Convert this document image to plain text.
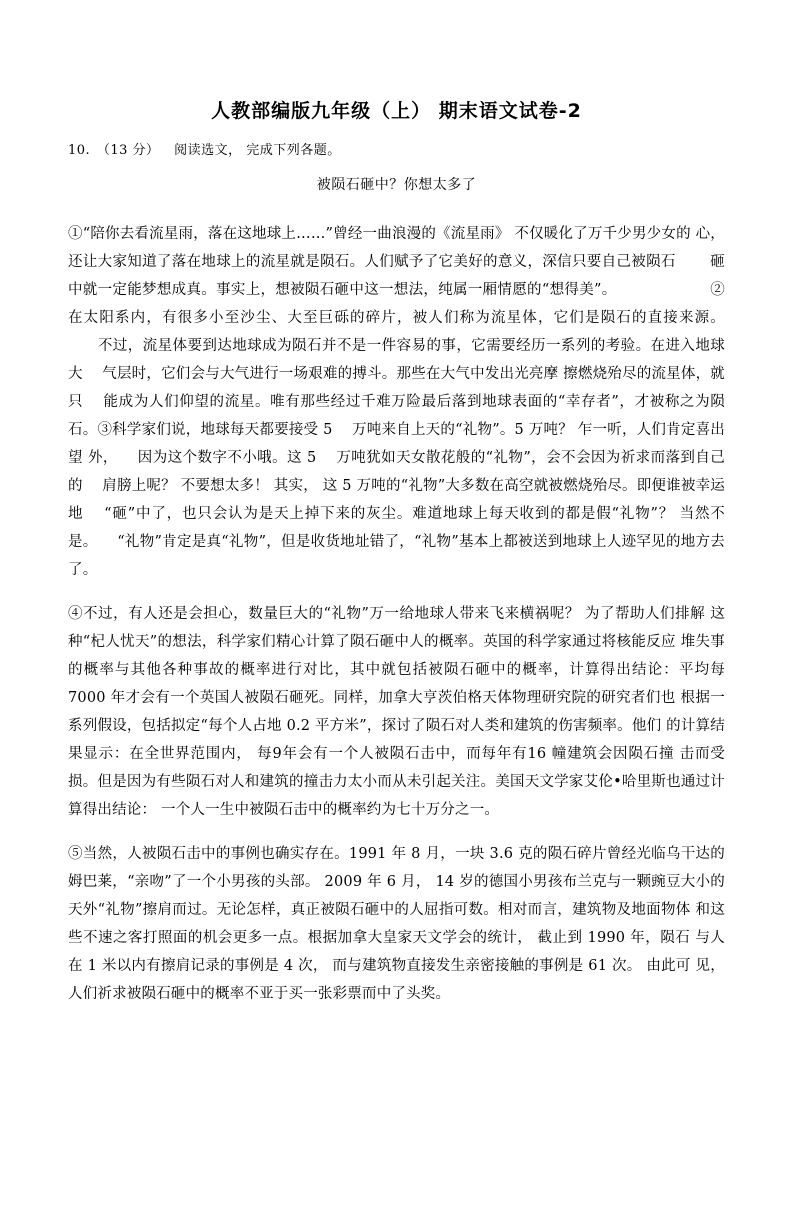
人教部编版九年级（上） 期末语文试卷-2
10. （13 分） 阅读选文， 完成下列各题。
被陨石砸中？你想太多了

①“陪你去看流星雨，落在这地球上……”曾经一曲浪漫的《流星雨》 不仅暖化了万千少男少女的 心，还让大家知道了落在地球上的流星就是陨石。人们赋予了它美好的意义，深信只要自己被陨石 　　砸中就一定能梦想成真。事实上，想被陨石砸中这一想法，纯属一厢情愿的“想得美”。 　　　　　　②在太阳系内，有很多小至沙尘、大至巨砾的碎片，被人们称为流星体，它们是陨石的直接来源。 　　不过，流星体要到达地球成为陨石并不是一件容易的事，它需要经历一系列的考验。在进入地球大 　气层时，它们会与大气进行一场艰难的搏斗。那些在大气中发出光亮摩 擦燃烧殆尽的流星体，就只 　能成为人们仰望的流星。唯有那些经过千难万险最后落到地球表面的“幸存者”，才被称之为陨石。③科学家们说，地球每天都要接受 5 　万吨来自上天的“礼物”。5 万吨？ 乍一听，人们肯定喜出望 外， 　因为这个数字不小哦。这 5 　万吨犹如天女散花般的“礼物”，会不会因为祈求而落到自己的 　肩膀上呢？ 不要想太多！ 其实， 这 5 万吨的“礼物”大多数在高空就被燃烧殆尽。即便谁被幸运地 　“砸”中了，也只会认为是天上掉下来的灰尘。难道地球上每天收到的都是假“礼物”？ 当然不是。 　“礼物”肯定是真“礼物”，但是收货地址错了，“礼物”基本上都被送到地球上人迹罕见的地方去 了。

④不过，有人还是会担心，数量巨大的“礼物”万一给地球人带来飞来横祸呢？ 为了帮助人们排解 这种“杞人忧天”的想法，科学家们精心计算了陨石砸中人的概率。英国的科学家通过将核能反应 堆失事的概率与其他各种事故的概率进行对比，其中就包括被陨石砸中的概率，计算得出结论：平均每 7000 年才会有一个英国人被陨石砸死。同样，加拿大亨茨伯格天体物理研究院的研究者们也 根据一系列假设，包括拟定“每个人占地 0.2 平方米”，探讨了陨石对人类和建筑的伤害频率。他们 的计算结果显示：在全世界范围内， 每9年会有一个人被陨石击中，而每年有16 幢建筑会因陨石撞 击而受损。但是因为有些陨石对人和建筑的撞击力太小而从未引起关注。美国天文学家艾伦•哈里斯也通过计算得出结论： 一个人一生中被陨石击中的概率约为七十万分之一。

⑤当然，人被陨石击中的事例也确实存在。1991 年 8 月，一块 3.6 克的陨石碎片曾经光临乌干达的 姆巴莱，“亲吻”了一个小男孩的头部。 2009 年 6 月， 14 岁的德国小男孩布兰克与一颗豌豆大小的 天外“礼物”擦肩而过。无论怎样，真正被陨石砸中的人屈指可数。相对而言，建筑物及地面物体 和这些不速之客打照面的机会更多一点。根据加拿大皇家天文学会的统计， 截止到 1990 年，陨石 与人在 1 米以内有擦肩记录的事例是 4 次， 而与建筑物直接发生亲密接触的事例是 61 次。 由此可 见，人们祈求被陨石砸中的概率不亚于买一张彩票而中了头奖。
